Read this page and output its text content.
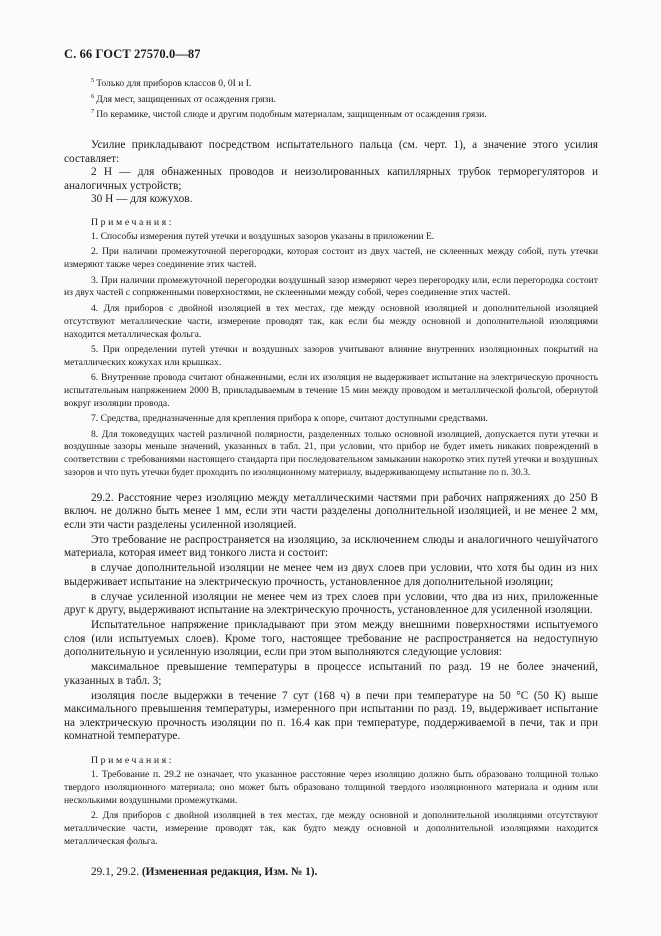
С. 66 ГОСТ 27570.0—87

$^5$ Только для приборов классов 0, 0I и I.

$^6$ Для мест, защищенных от осаждения грязи.

$^7$ По керамике, чистой слюде и другим подобным материалам, защищенным от осаждения грязи.

Усилие прикладывают посредством испытательного пальца (см. черт. 1), а значение этого усилия составляет:

2 Н — для обнаженных проводов и неизолированных капиллярных трубок терморегуляторов и аналогичных устройств;

30 Н — для кожухов.

Примечания:

1. Способы измерения путей утечки и воздушных зазоров указаны в приложении Е.

2. При наличии промежуточной перегородки, которая состоит из двух частей, не склеенных между собой, путь утечки измеряют также через соединение этих частей.

3. При наличии промежуточной перегородки воздушный зазор измеряют через перегородку или, если перегородка состоит из двух частей с сопряженными поверхностями, не склеенными между собой, через соединение этих частей.

4. Для приборов с двойной изоляцией в тех местах, где между основной изоляцией и дополнительной изоляцией отсутствуют металлические части, измерение проводят так, как если бы между основной и дополнительной изоляциями находится металлическая фольга.

5. При определении путей утечки и воздушных зазоров учитывают влияние внутренних изоляционных покрытий на металлических кожухах или крышках.

6. Внутренние провода считают обнаженными, если их изоляция не выдерживает испытание на электрическую прочность испытательным напряжением 2000 В, прикладываемым в течение 15 мин между проводом и металлической фольгой, обернутой вокруг изоляции провода.

7. Средства, предназначенные для крепления прибора к опоре, считают доступными средствами.

8. Для токоведущих частей различной полярности, разделенных только основной изоляцией, допускается пути утечки и воздушные зазоры меньше значений, указанных в табл. 21, при условии, что прибор не будет иметь никаких повреждений в соответствии с требованиями настоящего стандарта при последовательном замыкании накоротко этих путей утечки и воздушных зазоров и что путь утечки будет проходить по изоляционному материалу, выдерживающему испытание по п. 30.3.

29.2. Расстояние через изоляцию между металлическими частями при рабочих напряжениях до 250 В включ. не должно быть менее 1 мм, если эти части разделены дополнительной изоляцией, и не менее 2 мм, если эти части разделены усиленной изоляцией.

Это требование не распространяется на изоляцию, за исключением слюды и аналогичного чешуйчатого материала, которая имеет вид тонкого листа и состоит:

в случае дополнительной изоляции не менее чем из двух слоев при условии, что хотя бы один из них выдерживает испытание на электрическую прочность, установленное для дополнительной изоляции;

в случае усиленной изоляции не менее чем из трех слоев при условии, что два из них, приложенные друг к другу, выдерживают испытание на электрическую прочность, установленное для усиленной изоляции.

Испытательное напряжение прикладывают при этом между внешними поверхностями испытуемого слоя (или испытуемых слоев). Кроме того, настоящее требование не распространяется на недоступную дополнительную и усиленную изоляции, если при этом выполняются следующие условия:

максимальное превышение температуры в процессе испытаний по разд. 19 не более значений, указанных в табл. 3;

изоляция после выдержки в течение 7 сут (168 ч) в печи при температуре на 50 °С (50 К) выше максимального превышения температуры, измеренного при испытании по разд. 19, выдерживает испытание на электрическую прочность изоляции по п. 16.4 как при температуре, поддерживаемой в печи, так и при комнатной температуре.

Примечания:

1. Требование п. 29.2 не означает, что указанное расстояние через изоляцию должно быть образовано толщиной только твердого изоляционного материала; оно может быть образовано толщиной твердого изоляционного материала и одним или несколькими воздушными промежутками.

2. Для приборов с двойной изоляцией в тех местах, где между основной и дополнительной изоляциями отсутствуют металлические части, измерение проводят так, как будто между основной и дополнительной изоляциями находится металлическая фольга.

29.1, 29.2. (Измененная редакция, Изм. № 1).
